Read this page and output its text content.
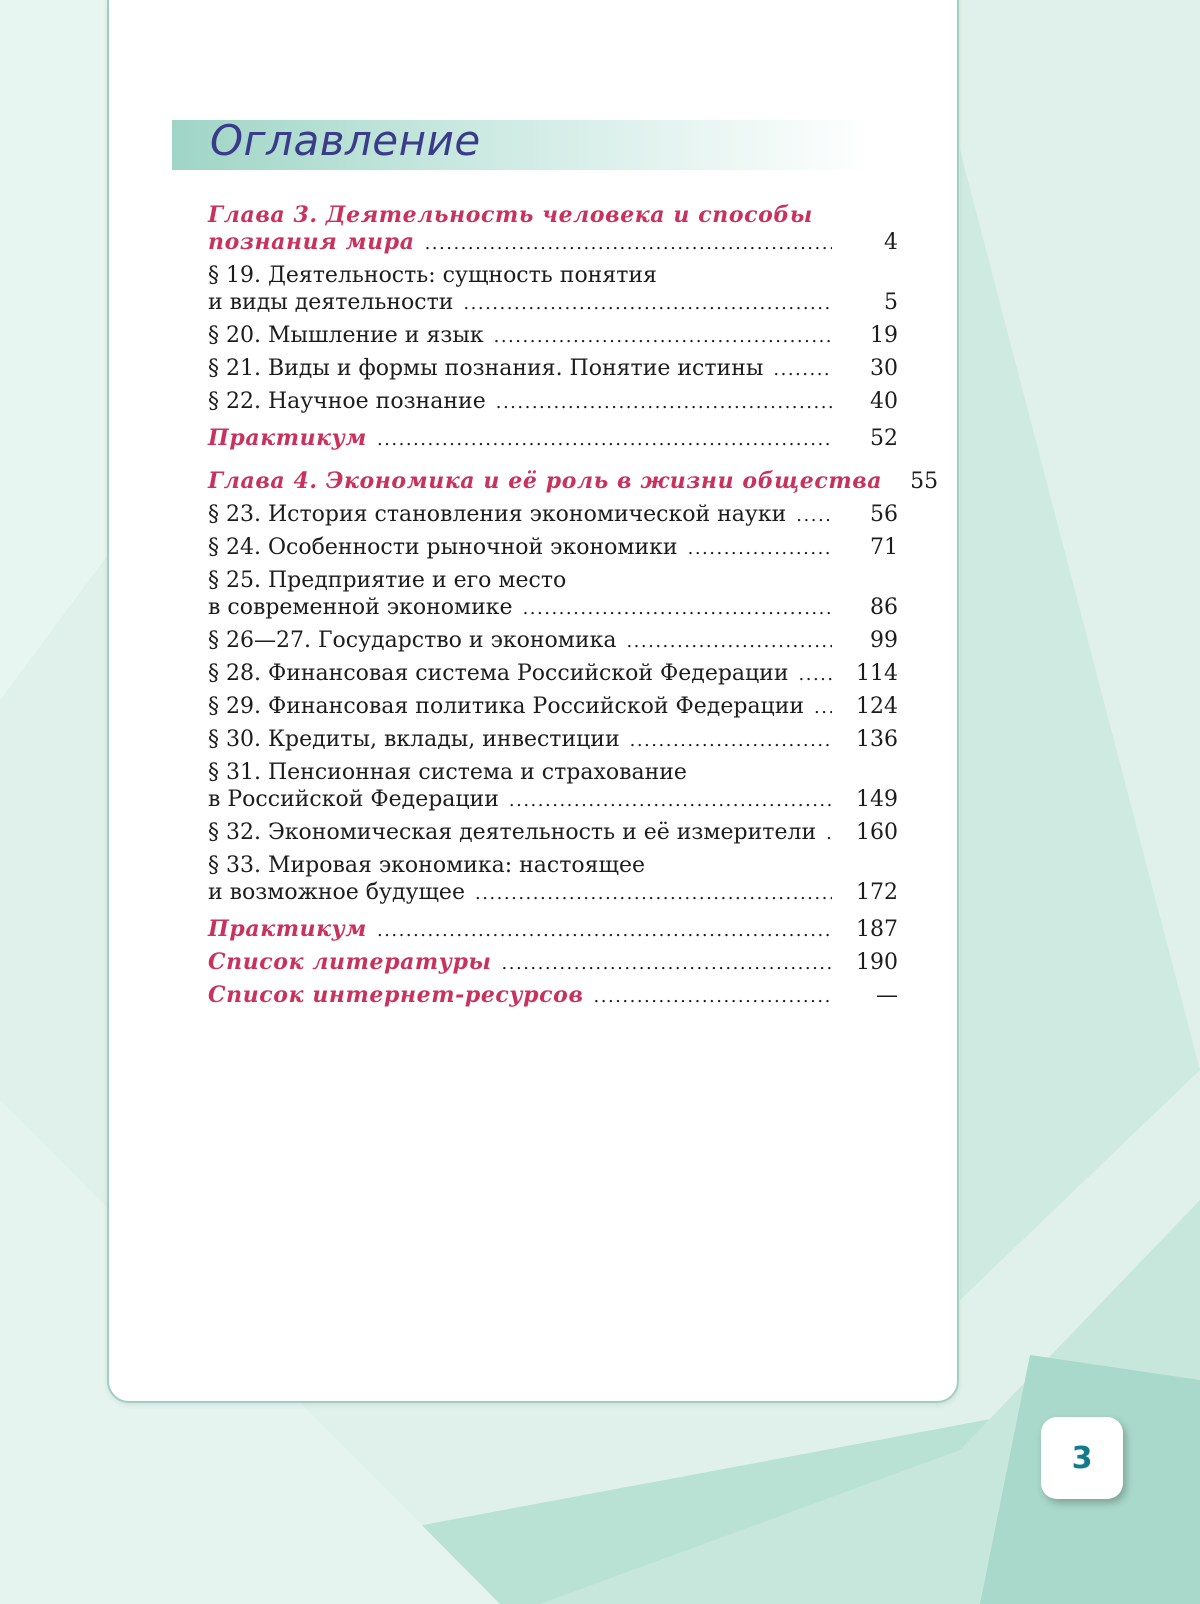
Оглавление
Глава 3. Деятельность человека и способы
познания мира .....	4
§ 19. Деятельность: сущность понятия
и виды деятельности .....	5
§ 20. Мышление и язык .....	19
§ 21. Виды и формы познания. Понятие истины .....	30
§ 22. Научное познание .....	40
Практикум .....	52
Глава 4. Экономика и её роль в жизни общества	55
§ 23. История становления экономической науки .....	56
§ 24. Особенности рыночной экономики .....	71
§ 25. Предприятие и его место
в современной экономике .....	86
§ 26—27. Государство и экономика .....	99
§ 28. Финансовая система Российской Федерации .....	114
§ 29. Финансовая политика Российской Федерации .....	124
§ 30. Кредиты, вклады, инвестиции .....	136
§ 31. Пенсионная система и страхование
в Российской Федерации .....	149
§ 32. Экономическая деятельность и её измерители .....	160
§ 33. Мировая экономика: настоящее
и возможное будущее .....	172
Практикум .....	187
Список литературы .....	190
Список интернет-ресурсов .....	—
3
